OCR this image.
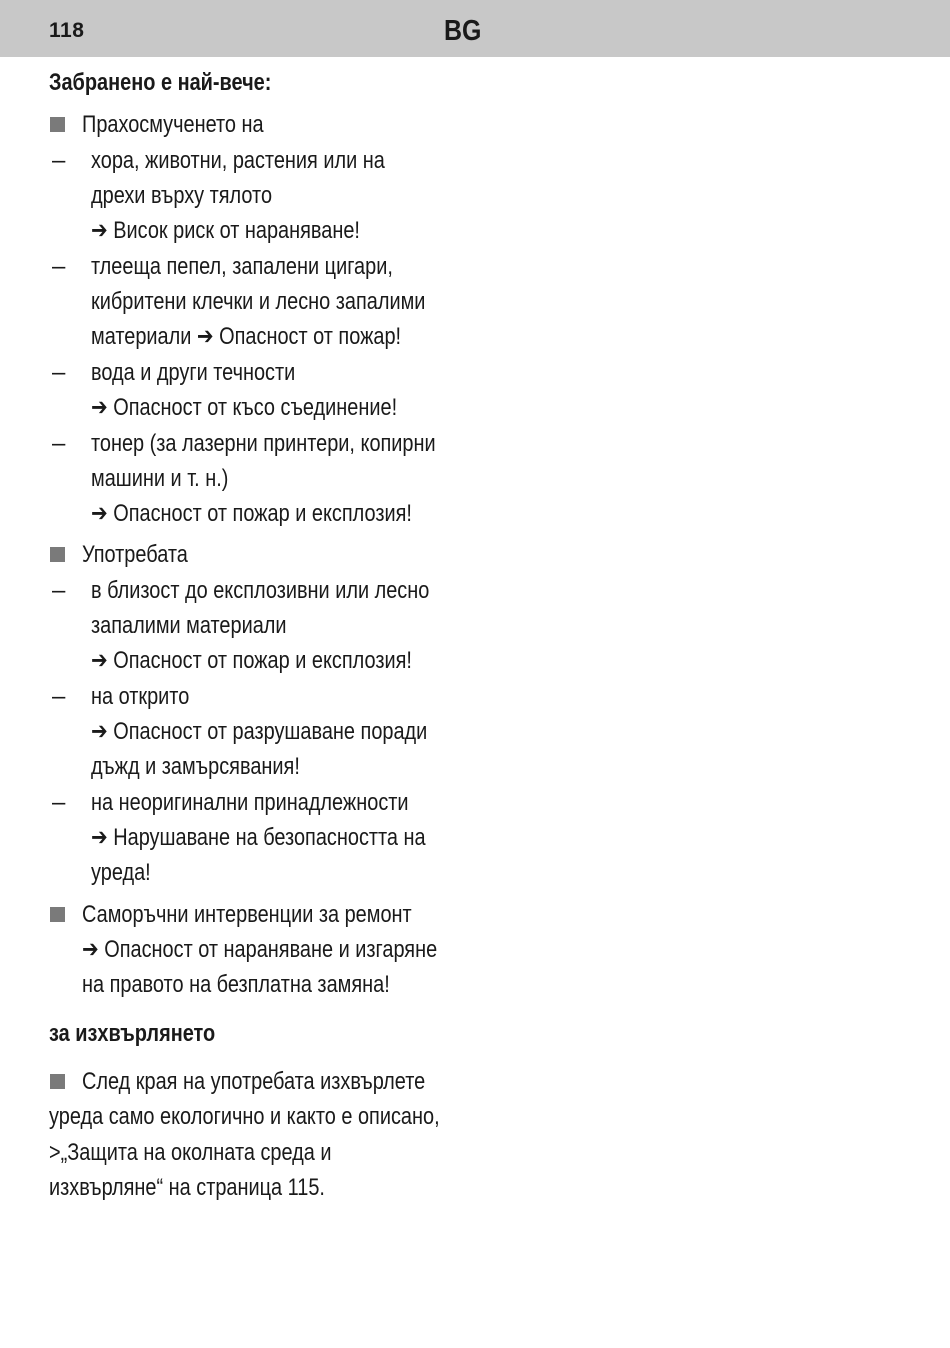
118	BG
Забранено е най-вече:
Прахосмученето на
– хора, животни, растения или на
дрехи върху тялото
➔ Висок риск от нараняване!
– тлееща пепел, запалени цигари,
кибритени клечки и лесно запалими
материали ➔ Опасност от пожар!
– вода и други течности
➔ Опасност от късо съединение!
– тонер (за лазерни принтери, копирни
машини и т. н.)
➔ Опасност от пожар и експлозия!
Употребата
– в близост до експлозивни или лесно
запалими материали
➔ Опасност от пожар и експлозия!
– на открито
➔ Опасност от разрушаване поради
дъжд и замърсявания!
– на неоригинални принадлежности
➔ Нарушаване на безопасността на
уреда!
Саморъчни интервенции за ремонт
➔ Опасност от нараняване и изгаряне
на правото на безплатна замяна!
за изхвърлянето
След края на употребата изхвърлете
уреда само екологично и както е описано,
>„Защита на околната среда и
изхвърляне“ на страница 115.
